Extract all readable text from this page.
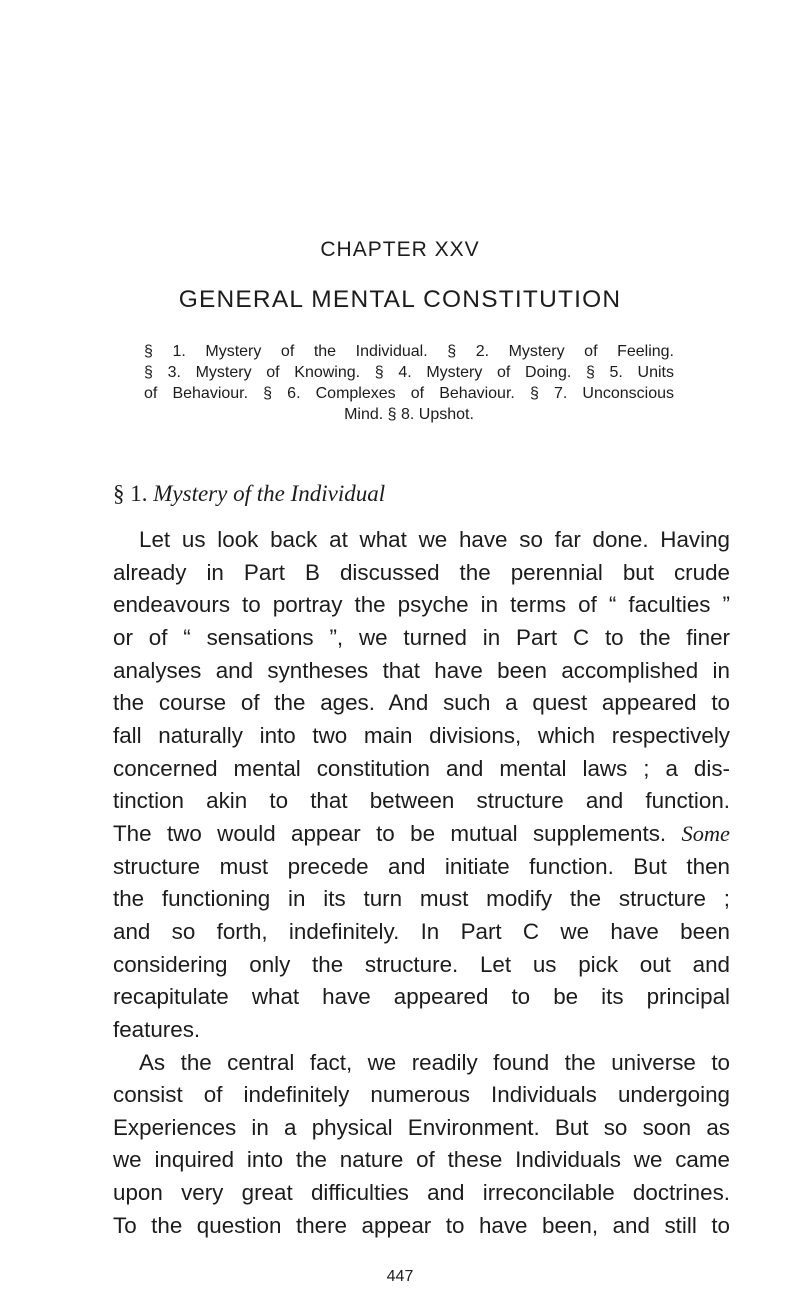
CHAPTER XXV
GENERAL MENTAL CONSTITUTION
§ 1. Mystery of the Individual. § 2. Mystery of Feeling.
§ 3. Mystery of Knowing. § 4. Mystery of Doing. § 5. Units
of Behaviour. § 6. Complexes of Behaviour. § 7. Unconscious
Mind. § 8. Upshot.
§ 1. Mystery of the Individual
Let us look back at what we have so far done. Having
already in Part B discussed the perennial but crude
endeavours to portray the psyche in terms of “ faculties ”
or of “ sensations ”, we turned in Part C to the finer
analyses and syntheses that have been accomplished in
the course of the ages. And such a quest appeared to
fall naturally into two main divisions, which respectively
concerned mental constitution and mental laws ; a dis-
tinction akin to that between structure and function.
The two would appear to be mutual supplements. Some
structure must precede and initiate function. But then
the functioning in its turn must modify the structure ;
and so forth, indefinitely. In Part C we have been
considering only the structure. Let us pick out and
recapitulate what have appeared to be its principal
features.
As the central fact, we readily found the universe to
consist of indefinitely numerous Individuals undergoing
Experiences in a physical Environment. But so soon as
we inquired into the nature of these Individuals we came
upon very great difficulties and irreconcilable doctrines.
To the question there appear to have been, and still to
447
